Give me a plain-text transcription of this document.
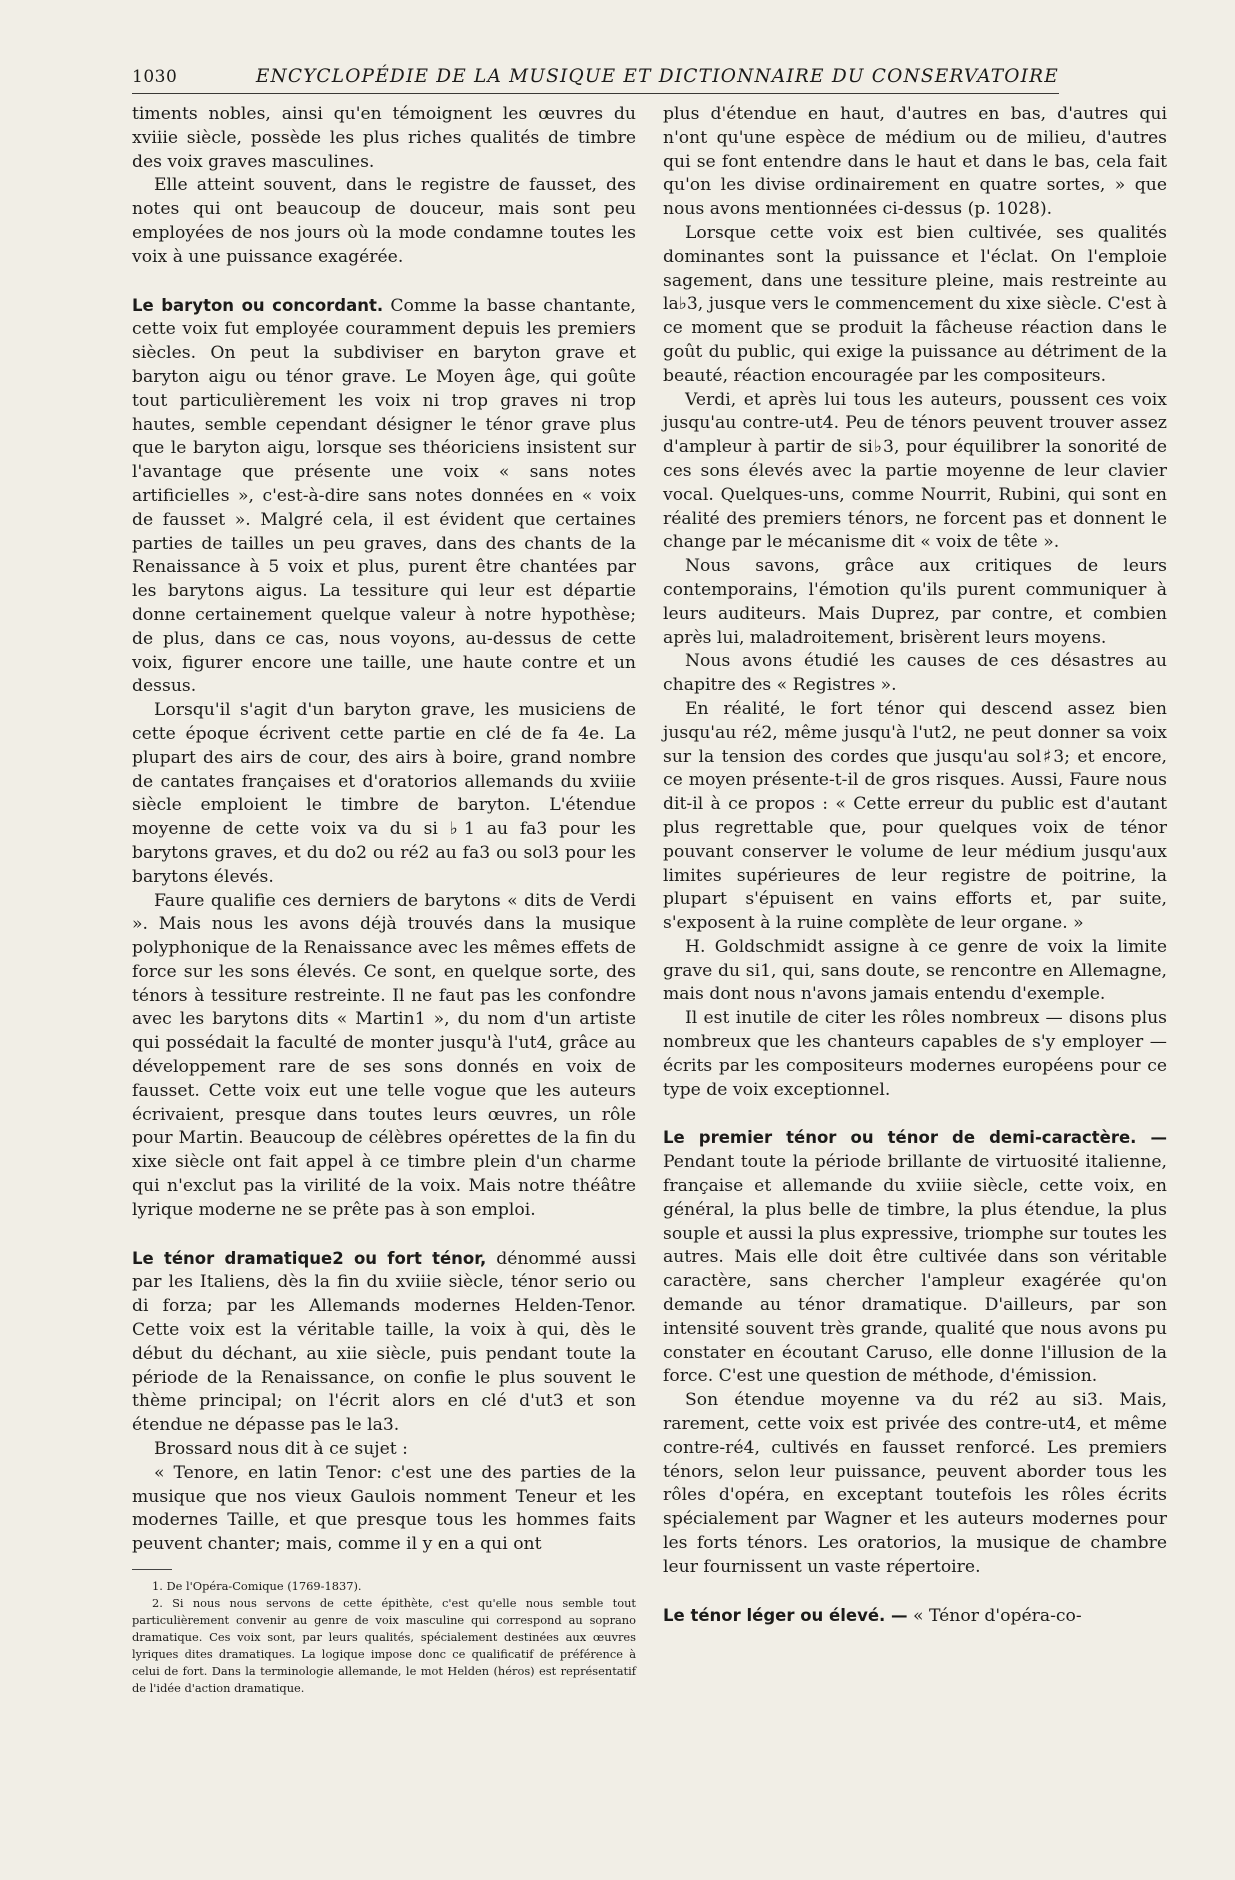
1030	ENCYCLOPÉDIE DE LA MUSIQUE ET DICTIONNAIRE DU CONSERVATOIRE

timents nobles, ainsi qu'en témoignent les œuvres du xviiie siècle, possède les plus riches qualités de timbre des voix graves masculines.

Elle atteint souvent, dans le registre de fausset, des notes qui ont beaucoup de douceur, mais sont peu employées de nos jours où la mode condamne toutes les voix à une puissance exagérée.

Le baryton ou concordant. Comme la basse chantante, cette voix fut employée couramment depuis les premiers siècles. On peut la subdiviser en baryton grave et baryton aigu ou ténor grave. Le Moyen âge, qui goûte tout particulièrement les voix ni trop graves ni trop hautes, semble cependant désigner le ténor grave plus que le baryton aigu, lorsque ses théoriciens insistent sur l'avantage que présente une voix « sans notes artificielles », c'est-à-dire sans notes données en « voix de fausset ». Malgré cela, il est évident que certaines parties de tailles un peu graves, dans des chants de la Renaissance à 5 voix et plus, purent être chantées par les barytons aigus. La tessiture qui leur est départie donne certainement quelque valeur à notre hypothèse; de plus, dans ce cas, nous voyons, au-dessus de cette voix, figurer encore une taille, une haute contre et un dessus.

Lorsqu'il s'agit d'un baryton grave, les musiciens de cette époque écrivent cette partie en clé de fa 4e. La plupart des airs de cour, des airs à boire, grand nombre de cantates françaises et d'oratorios allemands du xviiie siècle emploient le timbre de baryton. L'étendue moyenne de cette voix va du si ♭1 au fa3 pour les barytons graves, et du do2 ou ré2 au fa3 ou sol3 pour les barytons élevés.

Faure qualifie ces derniers de barytons « dits de Verdi ». Mais nous les avons déjà trouvés dans la musique polyphonique de la Renaissance avec les mêmes effets de force sur les sons élevés. Ce sont, en quelque sorte, des ténors à tessiture restreinte. Il ne faut pas les confondre avec les barytons dits « Martin1 », du nom d'un artiste qui possédait la faculté de monter jusqu'à l'ut4, grâce au développement rare de ses sons donnés en voix de fausset. Cette voix eut une telle vogue que les auteurs écrivaient, presque dans toutes leurs œuvres, un rôle pour Martin. Beaucoup de célèbres opérettes de la fin du xixe siècle ont fait appel à ce timbre plein d'un charme qui n'exclut pas la virilité de la voix. Mais notre théâtre lyrique moderne ne se prête pas à son emploi.

Le ténor dramatique2 ou fort ténor, dénommé aussi par les Italiens, dès la fin du xviiie siècle, ténor serio ou di forza; par les Allemands modernes Helden-Tenor. Cette voix est la véritable taille, la voix à qui, dès le début du déchant, au xiie siècle, puis pendant toute la période de la Renaissance, on confie le plus souvent le thème principal; on l'écrit alors en clé d'ut3 et son étendue ne dépasse pas le la3.

Brossard nous dit à ce sujet :

« Tenore, en latin Tenor: c'est une des parties de la musique que nos vieux Gaulois nomment Teneur et les modernes Taille, et que presque tous les hommes faits peuvent chanter; mais, comme il y en a qui ont

1. De l'Opéra-Comique (1769-1837).

2. Si nous nous servons de cette épithète, c'est qu'elle nous semble tout particulièrement convenir au genre de voix masculine qui correspond au soprano dramatique. Ces voix sont, par leurs qualités, spécialement destinées aux œuvres lyriques dites dramatiques. La logique impose donc ce qualificatif de préférence à celui de fort. Dans la terminologie allemande, le mot Helden (héros) est représentatif de l'idée d'action dramatique.

plus d'étendue en haut, d'autres en bas, d'autres qui n'ont qu'une espèce de médium ou de milieu, d'autres qui se font entendre dans le haut et dans le bas, cela fait qu'on les divise ordinairement en quatre sortes, » que nous avons mentionnées ci-dessus (p. 1028).

Lorsque cette voix est bien cultivée, ses qualités dominantes sont la puissance et l'éclat. On l'emploie sagement, dans une tessiture pleine, mais restreinte au la♭3, jusque vers le commencement du xixe siècle. C'est à ce moment que se produit la fâcheuse réaction dans le goût du public, qui exige la puissance au détriment de la beauté, réaction encouragée par les compositeurs.

Verdi, et après lui tous les auteurs, poussent ces voix jusqu'au contre-ut4. Peu de ténors peuvent trouver assez d'ampleur à partir de si♭3, pour équilibrer la sonorité de ces sons élevés avec la partie moyenne de leur clavier vocal. Quelques-uns, comme Nourrit, Rubini, qui sont en réalité des premiers ténors, ne forcent pas et donnent le change par le mécanisme dit « voix de tête ».

Nous savons, grâce aux critiques de leurs contemporains, l'émotion qu'ils purent communiquer à leurs auditeurs. Mais Duprez, par contre, et combien après lui, maladroitement, brisèrent leurs moyens.

Nous avons étudié les causes de ces désastres au chapitre des « Registres ».

En réalité, le fort ténor qui descend assez bien jusqu'au ré2, même jusqu'à l'ut2, ne peut donner sa voix sur la tension des cordes que jusqu'au sol♯3; et encore, ce moyen présente-t-il de gros risques. Aussi, Faure nous dit-il à ce propos : « Cette erreur du public est d'autant plus regrettable que, pour quelques voix de ténor pouvant conserver le volume de leur médium jusqu'aux limites supérieures de leur registre de poitrine, la plupart s'épuisent en vains efforts et, par suite, s'exposent à la ruine complète de leur organe. »

H. Goldschmidt assigne à ce genre de voix la limite grave du si1, qui, sans doute, se rencontre en Allemagne, mais dont nous n'avons jamais entendu d'exemple.

Il est inutile de citer les rôles nombreux — disons plus nombreux que les chanteurs capables de s'y employer — écrits par les compositeurs modernes européens pour ce type de voix exceptionnel.

Le premier ténor ou ténor de demi-caractère. — Pendant toute la période brillante de virtuosité italienne, française et allemande du xviiie siècle, cette voix, en général, la plus belle de timbre, la plus étendue, la plus souple et aussi la plus expressive, triomphe sur toutes les autres. Mais elle doit être cultivée dans son véritable caractère, sans chercher l'ampleur exagérée qu'on demande au ténor dramatique. D'ailleurs, par son intensité souvent très grande, qualité que nous avons pu constater en écoutant Caruso, elle donne l'illusion de la force. C'est une question de méthode, d'émission.

Son étendue moyenne va du ré2 au si3. Mais, rarement, cette voix est privée des contre-ut4, et même contre-ré4, cultivés en fausset renforcé. Les premiers ténors, selon leur puissance, peuvent aborder tous les rôles d'opéra, en exceptant toutefois les rôles écrits spécialement par Wagner et les auteurs modernes pour les forts ténors. Les oratorios, la musique de chambre leur fournissent un vaste répertoire.

Le ténor léger ou élevé. — « Ténor d'opéra-co-
